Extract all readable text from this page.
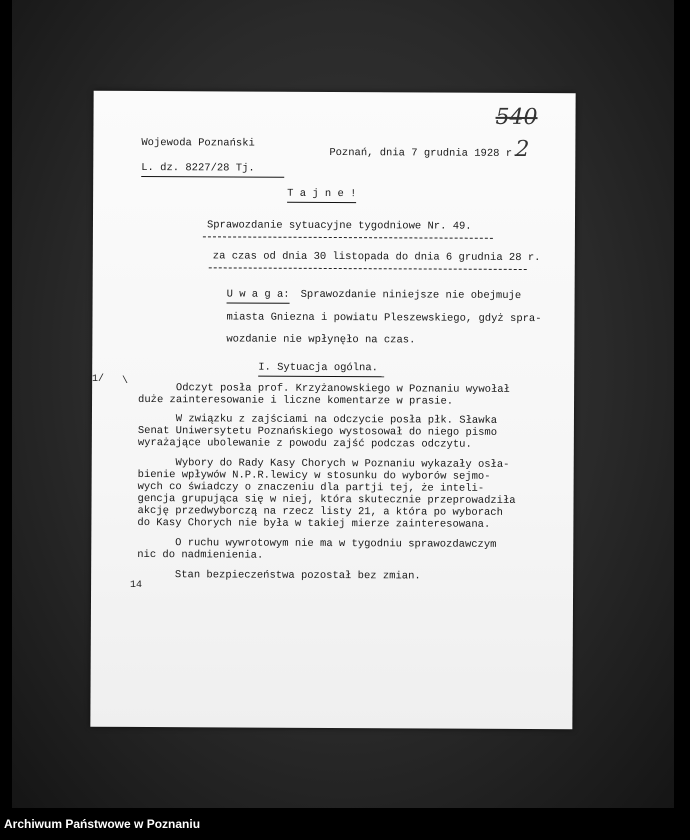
540
2
Wojewoda Poznański
L. dz. 8227/28 Tj.
Poznań, dnia 7 grudnia 1928 r.
T a j n e !
Sprawozdanie sytuacyjne tygodniowe Nr. 49.
za czas od dnia 30 listopada do dnia 6 grudnia 28 r.
U w a g a: Sprawozdanie niniejsze nie obejmuje
miasta Gniezna i powiatu Pleszewskiego, gdyż spra-
wozdanie nie wpłynęło na czas.
I. Sytuacja ogólna.
Odczyt posła prof. Krzyżanowskiego w Poznaniu wywołał
duże zainteresowanie i liczne komentarze w prasie.
W związku z zajściami na odczycie posła płk. Sławka
Senat Uniwersytetu Poznańskiego wystosował do niego pismo
wyrażające ubolewanie z powodu zajść podczas odczytu.
Wybory do Rady Kasy Chorych w Poznaniu wykazały osła-
bienie wpływów N.P.R.lewicy w stosunku do wyborów sejmo-
wych co świadczy o znaczeniu dla partji tej, że inteli-
gencja grupująca się w niej, która skutecznie przeprowadziła
akcję przedwyborczą na rzecz listy 21, a która po wyborach
do Kasy Chorych nie była w takiej mierze zainteresowana.
O ruchu wywrotowym nie ma w tygodniu sprawozdawczym
nic do nadmienienia.
Stan bezpieczeństwa pozostał bez zmian.
1/ \
14
Archiwum Państwowe w Poznaniu
